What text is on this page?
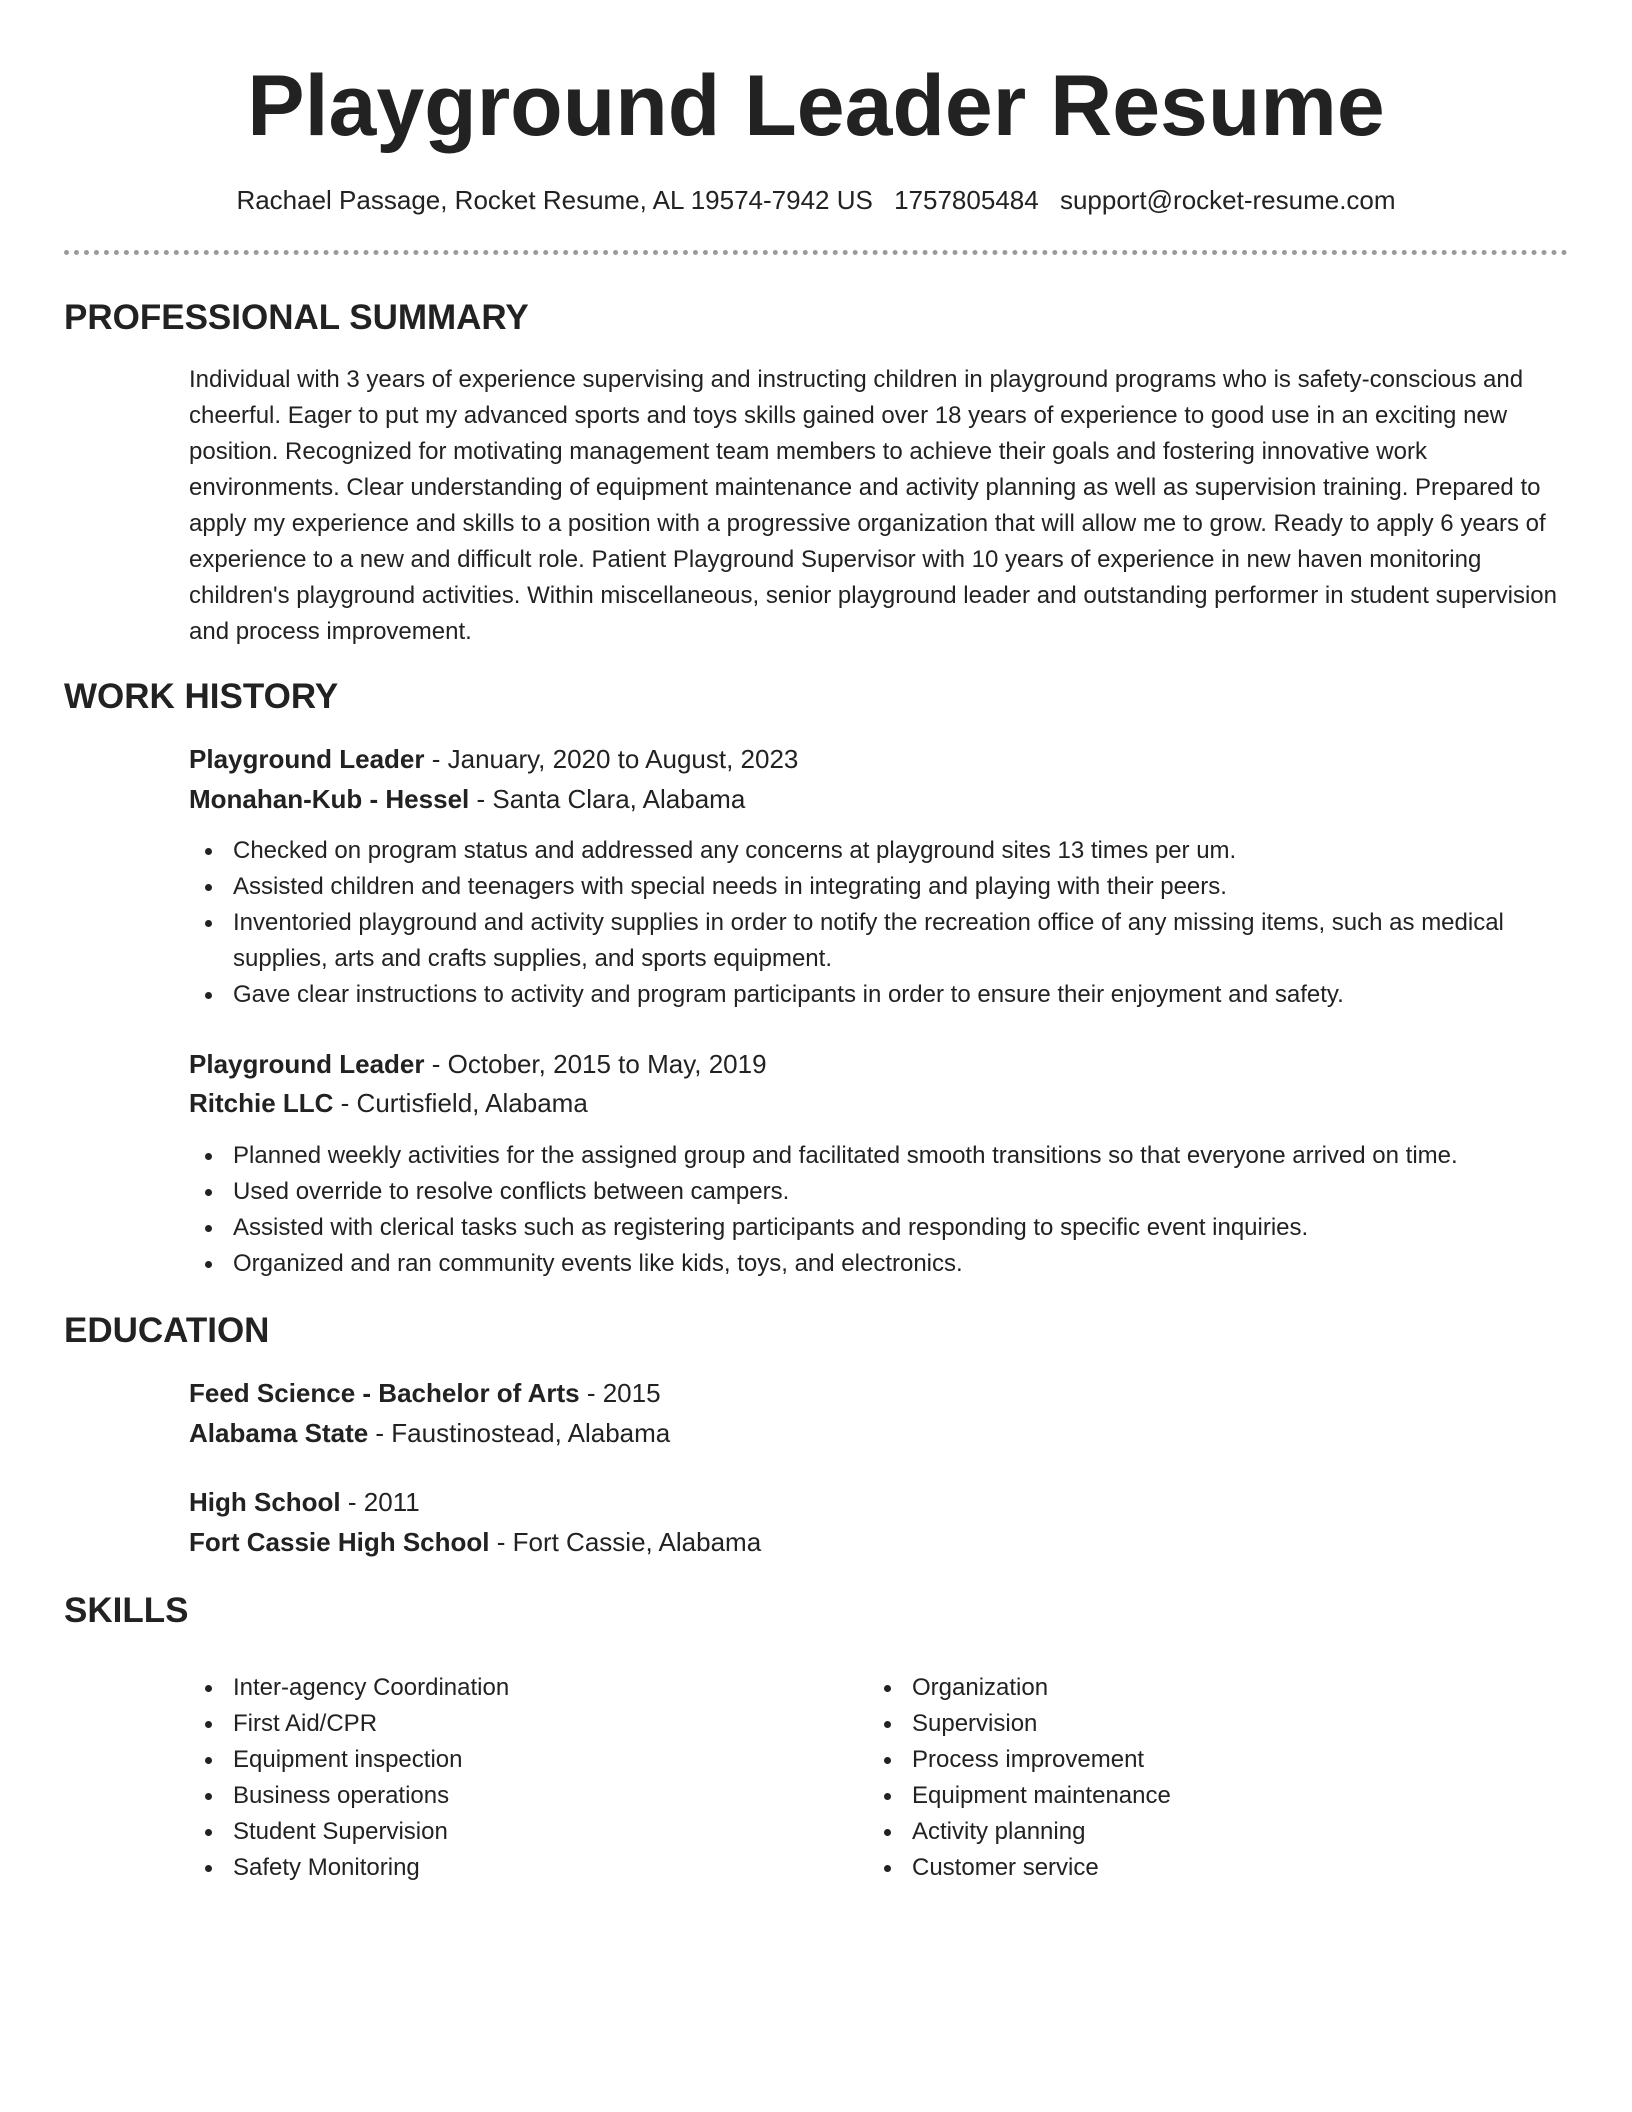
Playground Leader Resume
Rachael Passage, Rocket Resume, AL 19574-7942 US 1757805484 support@rocket-resume.com
PROFESSIONAL SUMMARY
Individual with 3 years of experience supervising and instructing children in playground programs who is safety-conscious and cheerful. Eager to put my advanced sports and toys skills gained over 18 years of experience to good use in an exciting new position. Recognized for motivating management team members to achieve their goals and fostering innovative work environments. Clear understanding of equipment maintenance and activity planning as well as supervision training. Prepared to apply my experience and skills to a position with a progressive organization that will allow me to grow. Ready to apply 6 years of experience to a new and difficult role. Patient Playground Supervisor with 10 years of experience in new haven monitoring children's playground activities. Within miscellaneous, senior playground leader and outstanding performer in student supervision and process improvement.
WORK HISTORY
Playground Leader - January, 2020 to August, 2023
Monahan-Kub - Hessel - Santa Clara, Alabama
Checked on program status and addressed any concerns at playground sites 13 times per um.
Assisted children and teenagers with special needs in integrating and playing with their peers.
Inventoried playground and activity supplies in order to notify the recreation office of any missing items, such as medical supplies, arts and crafts supplies, and sports equipment.
Gave clear instructions to activity and program participants in order to ensure their enjoyment and safety.
Playground Leader - October, 2015 to May, 2019
Ritchie LLC - Curtisfield, Alabama
Planned weekly activities for the assigned group and facilitated smooth transitions so that everyone arrived on time.
Used override to resolve conflicts between campers.
Assisted with clerical tasks such as registering participants and responding to specific event inquiries.
Organized and ran community events like kids, toys, and electronics.
EDUCATION
Feed Science - Bachelor of Arts - 2015
Alabama State - Faustinostead, Alabama
High School - 2011
Fort Cassie High School - Fort Cassie, Alabama
SKILLS
Inter-agency Coordination
First Aid/CPR
Equipment inspection
Business operations
Student Supervision
Safety Monitoring
Organization
Supervision
Process improvement
Equipment maintenance
Activity planning
Customer service
